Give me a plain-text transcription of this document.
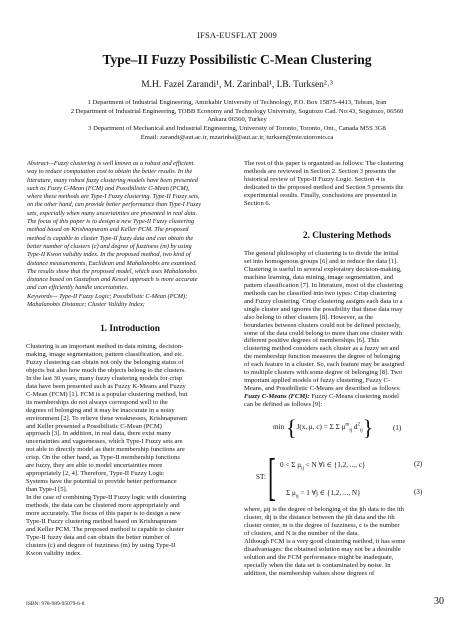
IFSA-EUSFLAT 2009
Type–II Fuzzy Possibilistic C-Mean Clustering
M.H. Fazel Zarandi¹, M. Zarinbal¹, I.B. Turksen²˒³
1 Department of Industrial Engineering, Amirkabir University of Technology, P.O. Box 15875-4413, Tehran, Iran
2 Department of Industrial Engineering, TOBB Economy and Technology University, Sogutozo Cad. No:43, Sogutozo, 06560
Ankara 06560, Turkey
3 Department of Mechanical and Industrial Engineering, University of Toronto, Toronto, Ont., Canada M5S 3G8
Email: zarandi@aut.ac.ir, mzarinbal@aut.ac.ir, turksen@mie.utoronto.ca
Abstract—Fuzzy clustering is well known as a robust and efficient
way to reduce computation cost to obtain the better results. In the
literature, many robust fuzzy clustering models have been presented
such as Fuzzy C-Mean (FCM) and Possibilistic C-Mean (PCM),
where these methods are Type-I Fuzzy clustering. Type-II Fuzzy sets,
on the other hand, can provide better performance than Type-I Fuzzy
sets, especially when many uncertainties are presented in real data.
The focus of this paper is to design a new Type-II Fuzzy clustering
method based on Krishnapuram and Keller PCM. The proposed
method is capable to cluster Type-II fuzzy data and can obtain the
better number of clusters (c) and degree of fuzziness (m) by using
Type-II Kwon validity index. In the proposed method, two kind of
distance measurements, Euclidean and Mahalanobis are examined.
The results show that the proposed model, which uses Mahalanobis
distance based on Gustafson and Kessel approach is more accurate
and can efficiently handle uncertainties.
Keywords— Type-II Fuzzy Logic; Possibilistic C-Mean (PCM);
Mahalanobis Distance; Cluster Validity Index;
1. Introduction
Clustering is an important method in data mining, decision-
making, image segmentation, pattern classification, and etc.
Fuzzy clustering can obtain not only the belonging status of
objects but also how much the objects belong to the clusters.
In the last 30 years, many fuzzy clustering models for crisp
data have been presented such as Fuzzy K-Means and Fuzzy
C-Mean (FCM) [1]. FCM is a popular clustering method, but
its memberships do not always correspond well to the
degrees of belonging and it may be inaccurate in a noisy
environment [2]. To relieve these weaknesses, Krishnapuram
and Keller presented a Possibilistic C-Mean (PCM)
approach [3]. In addition, in real data, there exist many
uncertainties and vaguenesses, which Type-I Fuzzy sets are
not able to directly model as their membership functions are
crisp. On the other hand, as Type-II membership functions
are fuzzy, they are able to model uncertainties more
appropriately [2, 4]. Therefore, Type-II Fuzzy Logic
Systems have the potential to provide better performance
than Type-I [5].
In the case of combining Type-II Fuzzy logic with clustering
methods, the data can be clustered more appropriately and
more accurately. The focus of this paper is to design a new
Type-II Fuzzy clustering method based on Krishnapuram
and Keller PCM. The proposed method is capable to cluster
Type-II fuzzy data and can obtain the better number of
clusters (c) and degree of fuzziness (m) by using Type-II
Kwon validity index.
The rest of this paper is organized as follows: The clustering
methods are reviewed in Section 2. Section 3 presents the
historical review of Type-II Fuzzy Logic. Section 4 is
dedicated to the proposed method and Section 5 presents the
experimental results. Finally, conclusions are presented in
Section 6.
2. Clustering Methods
The general philosophy of clustering is to divide the initial
set into homogenous groups [6] and to reduce the data [1].
Clustering is useful in several exploratory decision-making,
machine learning, data mining, image segmentation, and
pattern classification [7]. In literature, most of the clustering
methods can be classified into two types: Crisp clustering
and Fuzzy clustering. Crisp clustering assigns each data to a
single cluster and ignores the possibility that these data may
also belong to other clusters [8]. However, as the
boundaries between clusters could not be defined precisely,
some of the data could belong to more than one cluster with
different positive degrees of memberships [6]. This
clustering method considers each cluster as a fuzzy set and
the membership function measures the degree of belonging
of each feature in a cluster. So, each feature may be assigned
to multiple clusters with some degree of belonging [8]. Two
important applied models of fuzzy clustering, Fuzzy C-
Means, and Possibilistic C-Means are described as follows:
Fuzzy C-Means (FCM): Fuzzy C-Means clustering model
can be defined as follows [9]:
min {J(x, μ, c) = Σ Σ $\mu^m_{ij}$ $d^2_{ij}$}	(1)
ST: [ 0 < Σ $\mu_{ij} < N$ ∀i ∈ {1,2, ..., c}	(2)
Σ $\mu_{ij} = 1$ ∀j ∈ {1,2, ..., N}	(3)
where, μij is the degree of belonging of the jth data to the ith
cluster, dij is the distance between the jth data and the ith
cluster center, m is the degree of fuzziness, c is the number
of clusters, and N is the number of the data.
Although FCM is a very good clustering method, it has some
disadvantages: the obtained solution may not be a desirable
solution and the FCM performance might be inadequate,
specially when the data set is contaminated by noise. In
addition, the membership values show degrees of
ISBN: 978-989-95079-6-8	30
